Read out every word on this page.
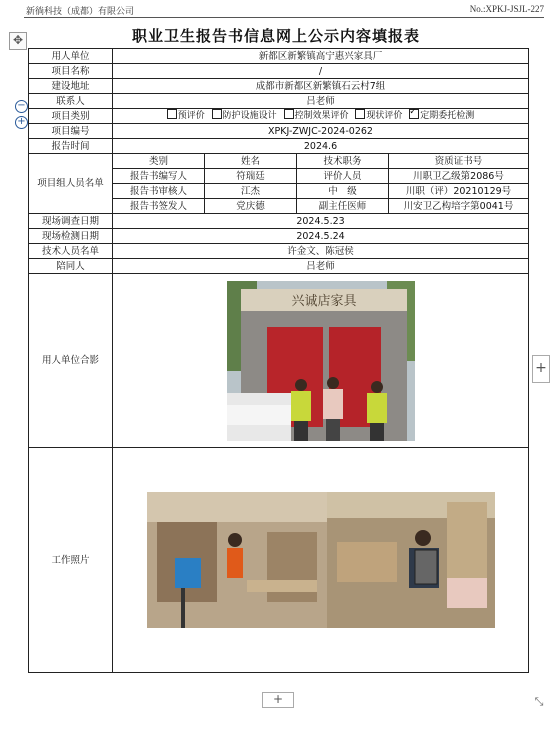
新徜科技（成都）有限公司	No.:XPKJ-JSJL-227
✥	职业卫生报告书信息网上公示内容填报表
−
+
用人单位	新都区新繁镇高宁惠兴家具厂			
项目名称	/			
建设地址	成都市新都区新繁镇石云村7组			
联系人	吕老师			
项目类别	预评价 防护设施设计 控制效果评价 现状评价 ✓ 定期委托检测
项目编号	XPKJ-ZWJC-2024-0262			
报告时间	2024.6			
项目组人员名单	类别	姓名	技术职务	资质证书号
	报告书编写人	符瑞廷	评价人员	川职卫乙级第2086号
	报告书审核人	江杰	中　级	川职（评）20210129号
	报告书签发人	党庆德	副主任医师	川安卫乙构培字第0041号
现场调查日期	2024.5.23			
现场检测日期	2024.5.24			
技术人员名单	许金文、陈冠侯			
陪同人	吕老师			
用人单位合影	兴诚店家具			

工作照片	
+
+	⤡
